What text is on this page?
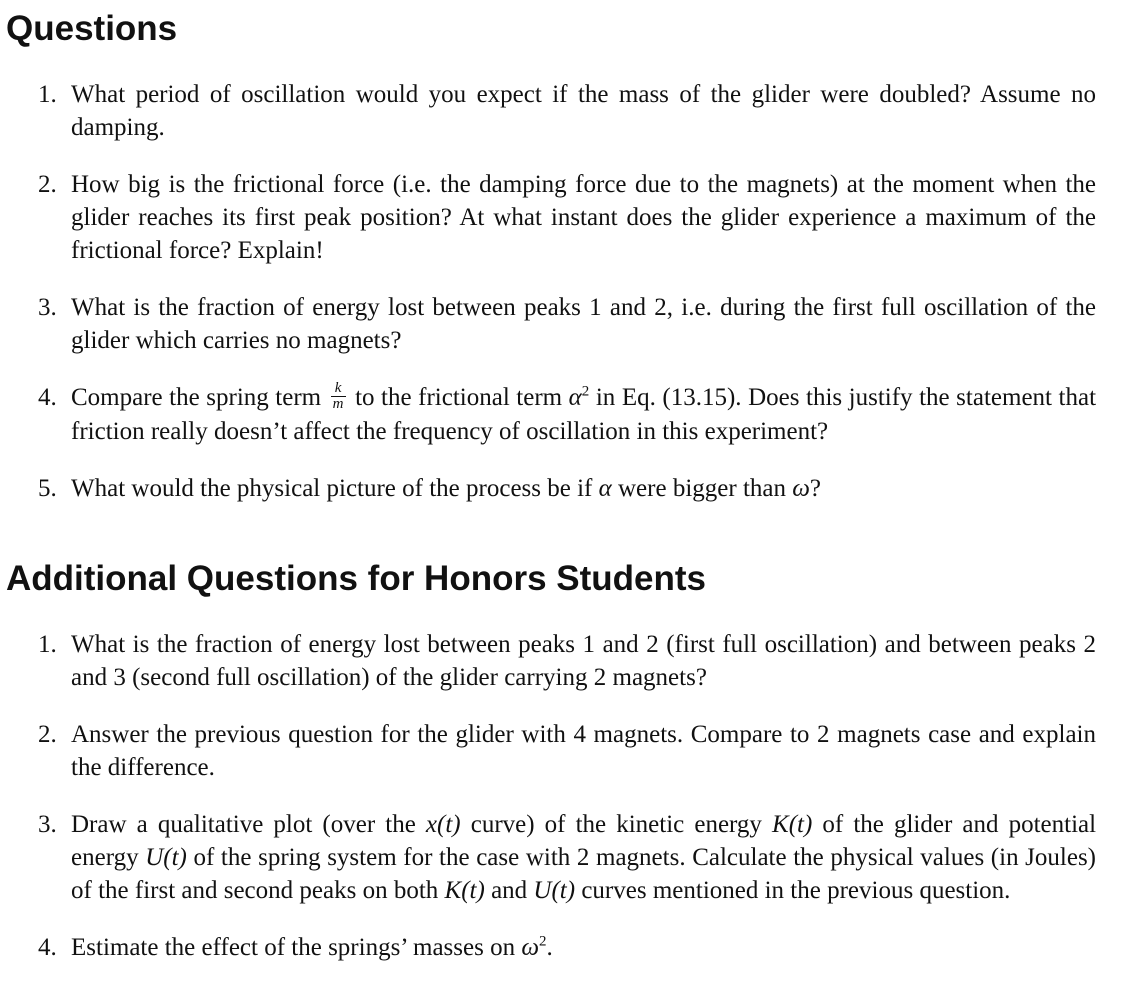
Questions
1. What period of oscillation would you expect if the mass of the glider were doubled? Assume no damping.
2. How big is the frictional force (i.e. the damping force due to the magnets) at the moment when the glider reaches its first peak position? At what instant does the glider experience a maximum of the frictional force? Explain!
3. What is the fraction of energy lost between peaks 1 and 2, i.e. during the first full oscillation of the glider which carries no magnets?
4. Compare the spring term $\frac{k}{m}$ to the frictional term $\alpha^2$ in Eq. (13.15). Does this justify the statement that friction really doesn’t affect the frequency of oscillation in this experiment?
5. What would the physical picture of the process be if α were bigger than ω?
Additional Questions for Honors Students
1. What is the fraction of energy lost between peaks 1 and 2 (first full oscillation) and between peaks 2 and 3 (second full oscillation) of the glider carrying 2 magnets?
2. Answer the previous question for the glider with 4 magnets. Compare to 2 magnets case and explain the difference.
3. Draw a qualitative plot (over the x(t) curve) of the kinetic energy K(t) of the glider and potential energy U(t) of the spring system for the case with 2 magnets. Calculate the physical values (in Joules) of the first and second peaks on both K(t) and U(t) curves mentioned in the previous question.
4. Estimate the effect of the springs’ masses on $\omega^2$.
